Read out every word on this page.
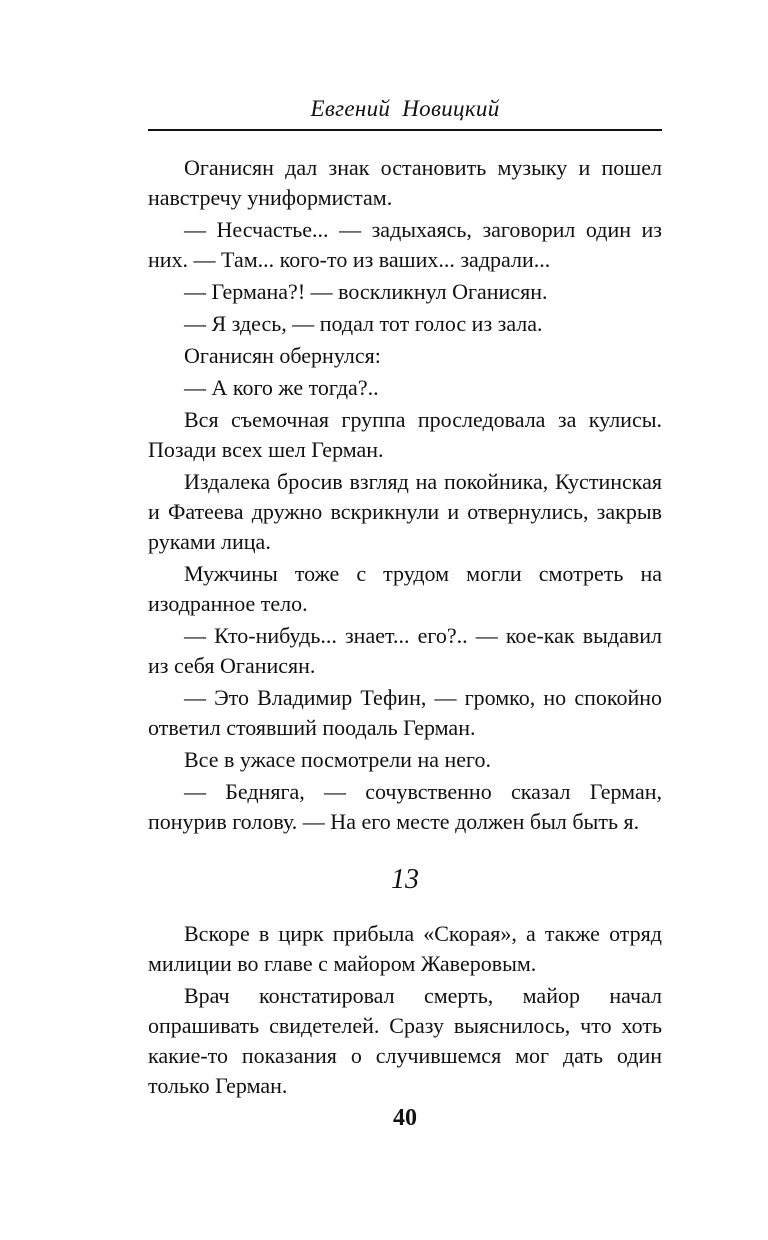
Евгений Новицкий

Оганисян дал знак остановить музыку и пошел навстречу униформистам.

— Несчастье... — задыхаясь, заговорил один из них. — Там... кого-то из ваших... задрали...

— Германа?! — воскликнул Оганисян.

— Я здесь, — подал тот голос из зала.

Оганисян обернулся:

— А кого же тогда?..

Вся съемочная группа проследовала за кулисы. Позади всех шел Герман.

Издалека бросив взгляд на покойника, Кустинская и Фатеева дружно вскрикнули и отвернулись, закрыв руками лица.

Мужчины тоже с трудом могли смотреть на изодранное тело.

— Кто-нибудь... знает... его?.. — кое-как выдавил из себя Оганисян.

— Это Владимир Тефин, — громко, но спокойно ответил стоявший поодаль Герман.

Все в ужасе посмотрели на него.

— Бедняга, — сочувственно сказал Герман, понурив голову. — На его месте должен был быть я.

13

Вскоре в цирк прибыла «Скорая», а также отряд милиции во главе с майором Жаверовым.

Врач констатировал смерть, майор начал опрашивать свидетелей. Сразу выяснилось, что хоть какие-то показания о случившемся мог дать один только Герман.

40
